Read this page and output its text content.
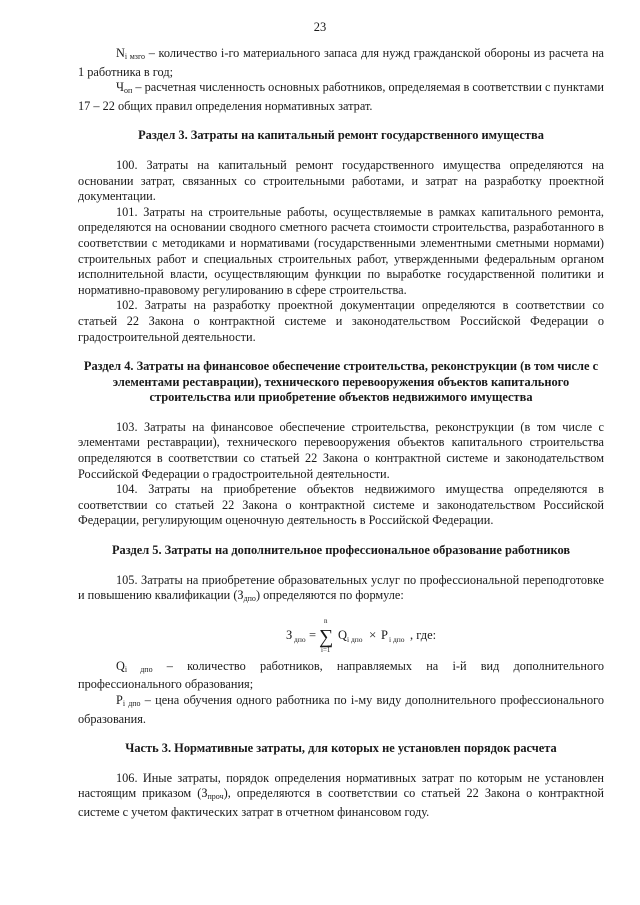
23

$N_{i мзго}$ – количество i-го материального запаса для нужд гражданской обороны из расчета на 1 работника в год;

$Ч_{оп}$ – расчетная численность основных работников, определяемая в соответствии с пунктами 17 – 22 общих правил определения нормативных затрат.

Раздел 3. Затраты на капитальный ремонт государственного имущества

100. Затраты на капитальный ремонт государственного имущества определяются на основании затрат, связанных со строительными работами, и затрат на разработку проектной документации.

101. Затраты на строительные работы, осуществляемые в рамках капитального ремонта, определяются на основании сводного сметного расчета стоимости строительства, разработанного в соответствии с методиками и нормативами (государственными элементными сметными нормами) строительных работ и специальных строительных работ, утвержденными федеральным органом исполнительной власти, осуществляющим функции по выработке государственной политики и нормативно-правовому регулированию в сфере строительства.

102. Затраты на разработку проектной документации определяются в соответствии со статьей 22 Закона о контрактной системе и законодательством Российской Федерации о градостроительной деятельности.

Раздел 4. Затраты на финансовое обеспечение строительства, реконструкции (в том числе с элементами реставрации), технического перевооружения объектов капитального строительства или приобретение объектов недвижимого имущества

103. Затраты на финансовое обеспечение строительства, реконструкции (в том числе с элементами реставрации), технического перевооружения объектов капитального строительства определяются в соответствии со статьей 22 Закона о контрактной системе и законодательством Российской Федерации о градостроительной деятельности.

104. Затраты на приобретение объектов недвижимого имущества определяются в соответствии со статьей 22 Закона о контрактной системе и законодательством Российской Федерации, регулирующим оценочную деятельность в Российской Федерации.

Раздел 5. Затраты на дополнительное профессиональное образование работников

105. Затраты на приобретение образовательных услуг по профессиональной переподготовке и повышению квалификации $(З_{дпо})$ определяются по формуле:

З дпо = ∑
n
i=1
Q i дпо × P i дпо , где:

$Q_{i дпо}$ – количество работников, направляемых на i-й вид дополнительного профессионального образования;

$P_{i дпо}$ – цена обучения одного работника по i-му виду дополнительного профессионального образования.

Часть 3. Нормативные затраты, для которых не установлен порядок расчета

106. Иные затраты, порядок определения нормативных затрат по которым не установлен настоящим приказом $(З_{проч})$, определяются в соответствии со статьей 22 Закона о контрактной системе с учетом фактических затрат в отчетном финансовом году.
